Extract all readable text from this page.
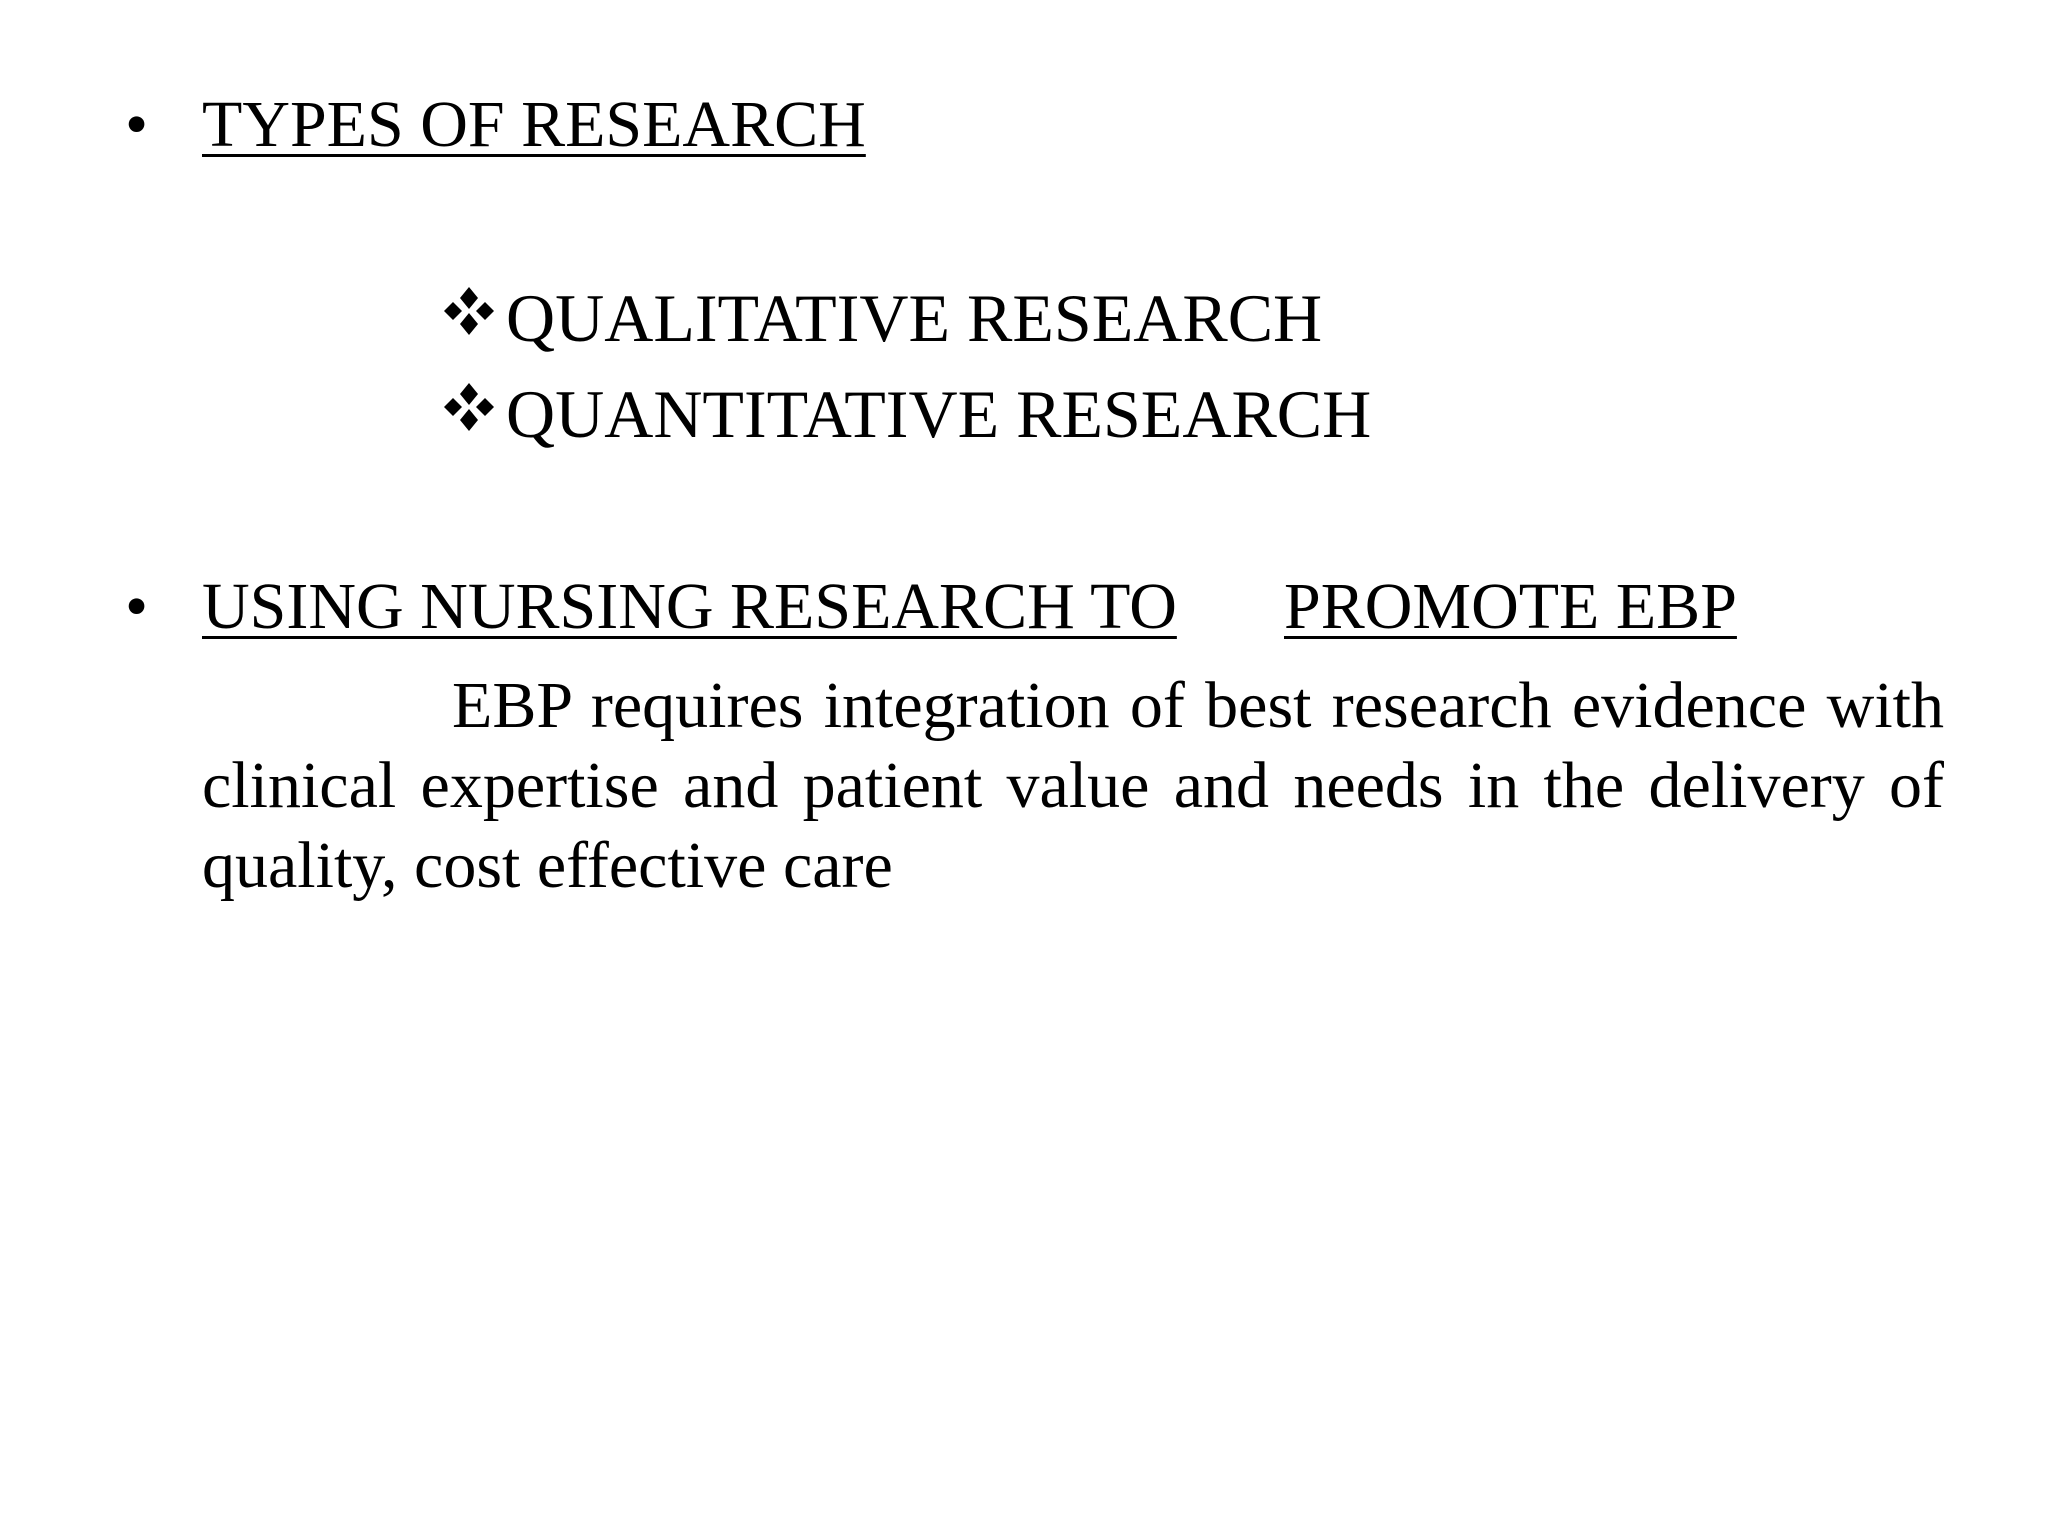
• TYPES OF RESEARCH
QUALITATIVE RESEARCH
QUANTITATIVE RESEARCH
• USING NURSING RESEARCH TO PROMOTE EBP

EBP requires integration of best research evidence with clinical expertise and patient value and needs in the delivery of quality, cost effective care
